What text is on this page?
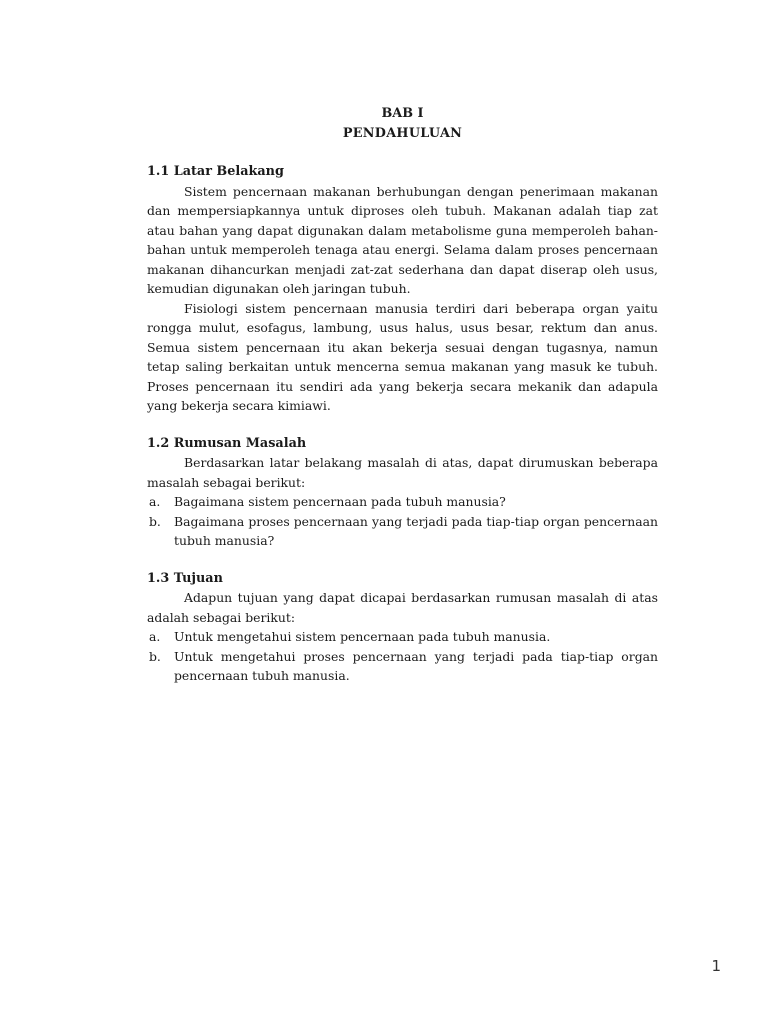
BAB I
PENDAHULUAN
1.1 Latar Belakang

Sistem pencernaan makanan berhubungan dengan penerimaan makanan dan mempersiapkannya untuk diproses oleh tubuh. Makanan adalah tiap zat atau bahan yang dapat digunakan dalam metabolisme guna memperoleh bahan-bahan untuk memperoleh tenaga atau energi. Selama dalam proses pencernaan makanan dihancurkan menjadi zat-zat sederhana dan dapat diserap oleh usus, kemudian digunakan oleh jaringan tubuh.

Fisiologi sistem pencernaan manusia terdiri dari beberapa organ yaitu rongga mulut, esofagus, lambung, usus halus, usus besar, rektum dan anus. Semua sistem pencernaan itu akan bekerja sesuai dengan tugasnya, namun tetap saling berkaitan untuk mencerna semua makanan yang masuk ke tubuh. Proses pencernaan itu sendiri ada yang bekerja secara mekanik dan adapula yang bekerja secara kimiawi.

1.2 Rumusan Masalah

Berdasarkan latar belakang masalah di atas, dapat dirumuskan beberapa masalah sebagai berikut:

a. Bagaimana sistem pencernaan pada tubuh manusia?
b. Bagaimana proses pencernaan yang terjadi pada tiap-tiap organ pencernaan tubuh manusia?
1.3 Tujuan

Adapun tujuan yang dapat dicapai berdasarkan rumusan masalah di atas adalah sebagai berikut:

a. Untuk mengetahui sistem pencernaan pada tubuh manusia.
b. Untuk mengetahui proses pencernaan yang terjadi pada tiap-tiap organ pencernaan tubuh manusia.
1
